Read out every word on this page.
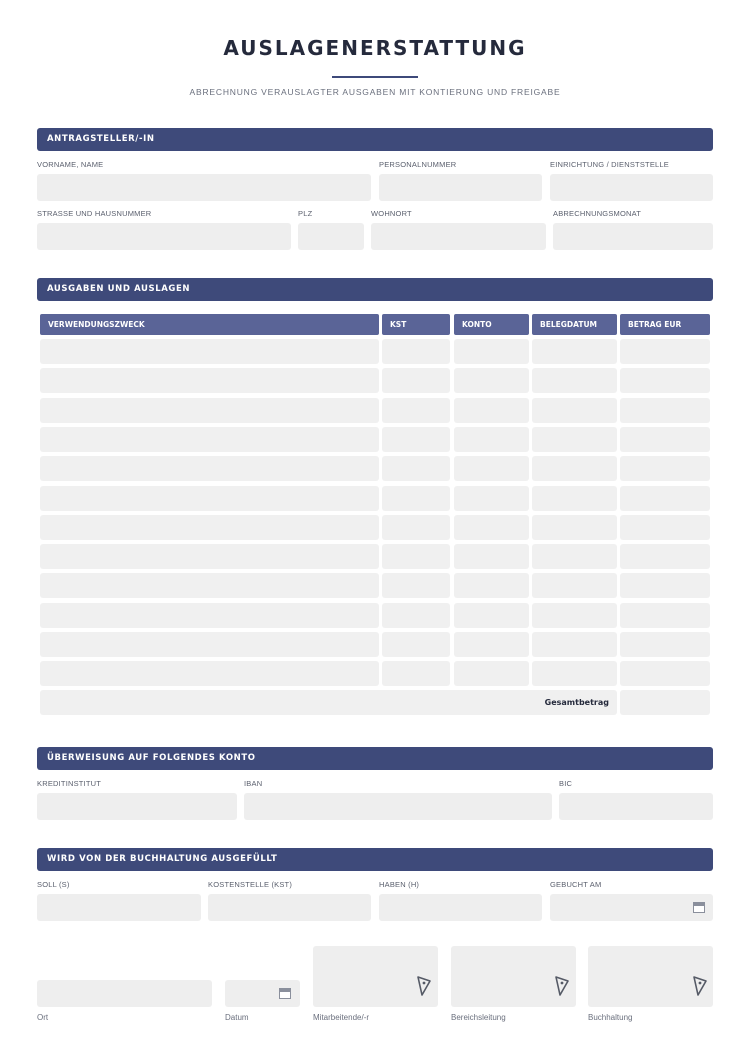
AUSLAGENERSTATTUNG
ABRECHNUNG VERAUSLAGTER AUSGABEN MIT KONTIERUNG UND FREIGABE
ANTRAGSTELLER/-IN
VORNAME, NAME	PERSONALNUMMER	EINRICHTUNG / DIENSTSTELLE
STRASSE UND HAUSNUMMER	PLZ	WOHNORT	ABRECHNUNGSMONAT
AUSGABEN UND AUSLAGEN
VERWENDUNGSZWECK	KST	KONTO	BELEGDATUM	BETRAG EUR
Gesamtbetrag
ÜBERWEISUNG AUF FOLGENDES KONTO
KREDITINSTITUT	IBAN	BIC
WIRD VON DER BUCHHALTUNG AUSGEFÜLLT
SOLL (S)	KOSTENSTELLE (KST)	HABEN (H)	GEBUCHT AM
Ort	Datum	Mitarbeitende/-r	Bereichsleitung	Buchhaltung
